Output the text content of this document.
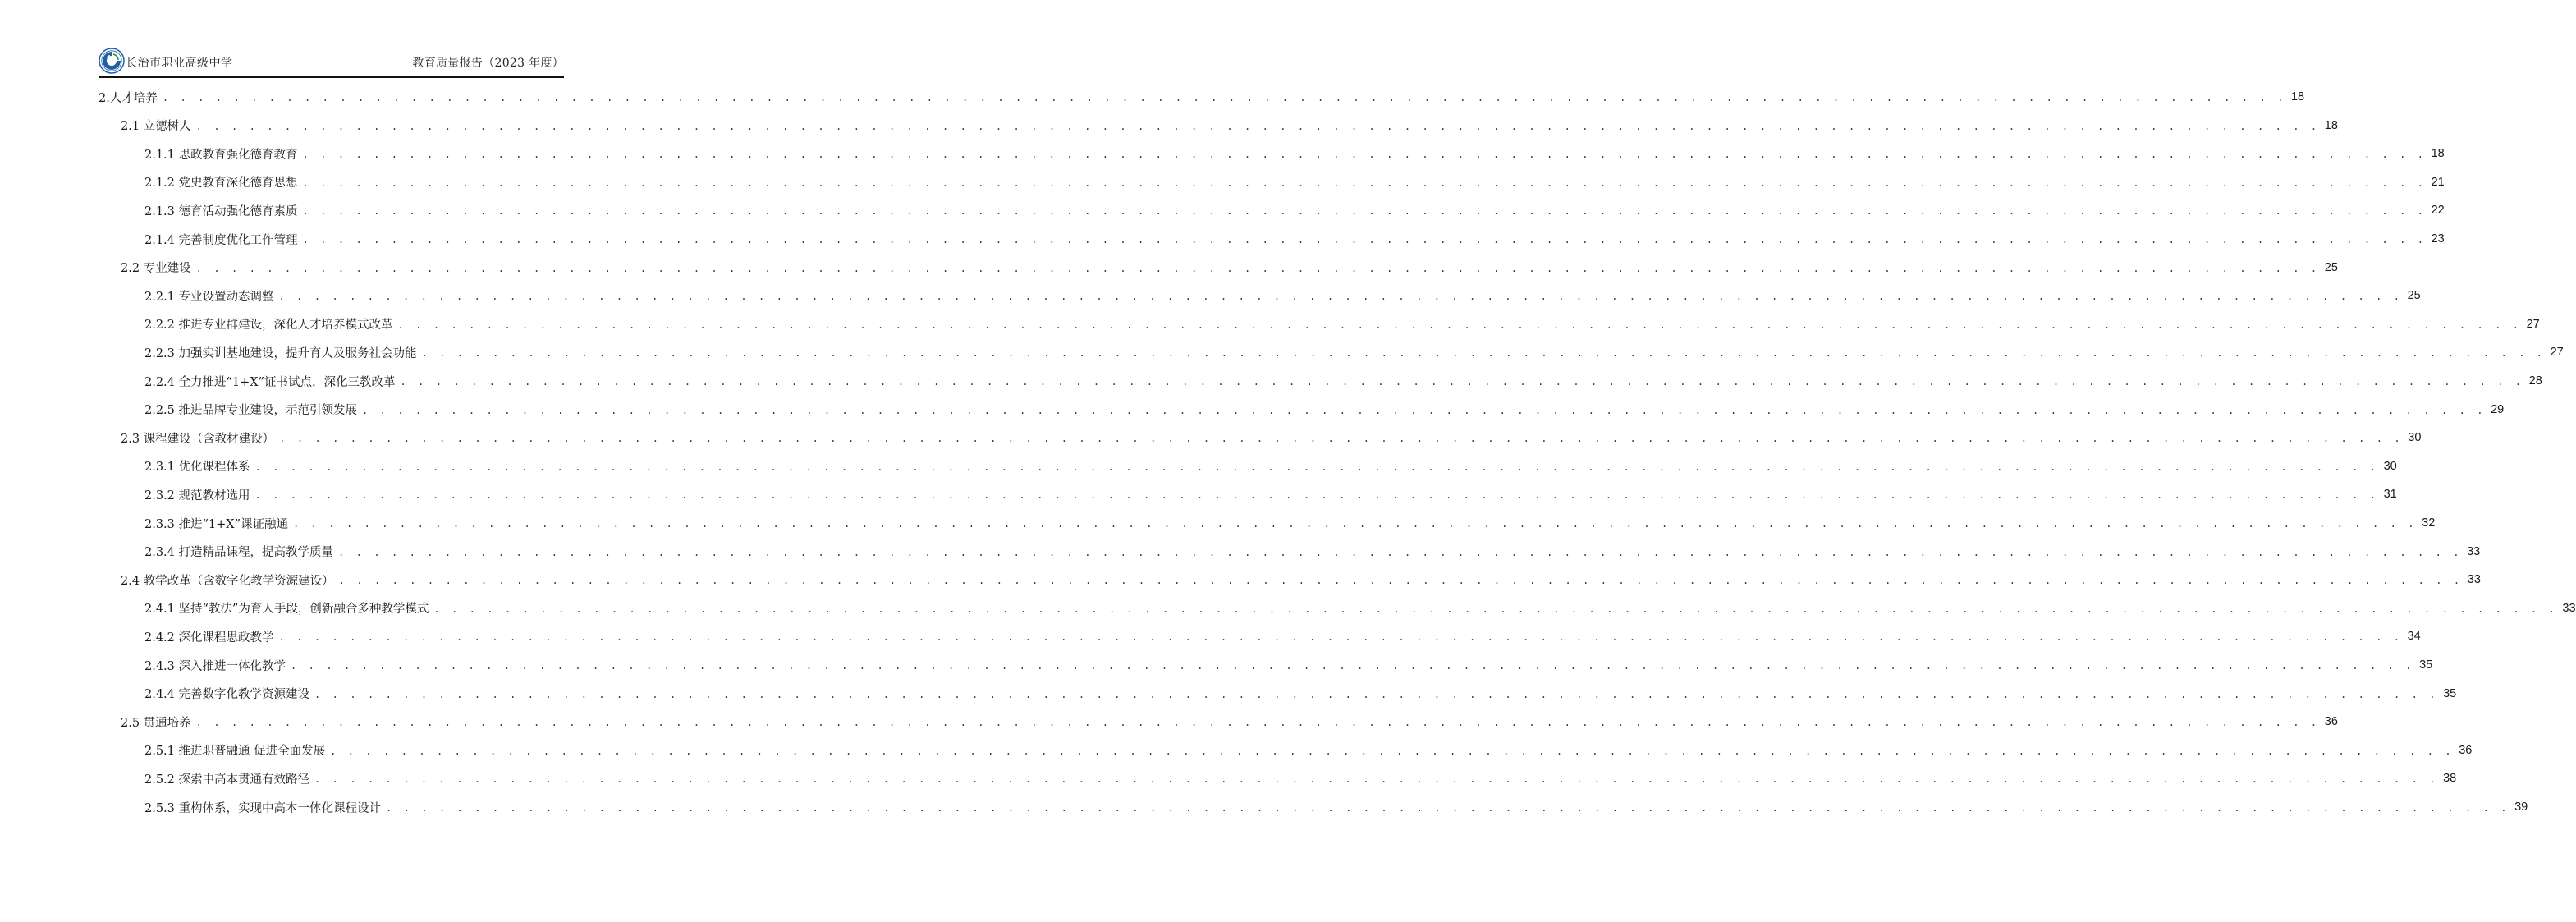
长治市职业高级中学	教育质量报告（2023 年度）
2.人才培养 . . . . . . . . . . . . . . . . . . . . . . . . . . . . . . . . . . . . . . . . . . . . . . . . . . . . . . . . . . . . . . . . . . . . . . . . . . . . . . . . . . . . . . . . . . . . . . . . . . . . . . . . . . . . . . . . . . . . . . . . 18
2.1 立德树人 . . . . . . . . . . . . . . . . . . . . . . . . . . . . . . . . . . . . . . . . . . . . . . . . . . . . . . . . . . . . . . . . . . . . . . . . . . . . . . . . . . . . . . . . . . . . . . . . . . . . . . . . . . . . . . . . . . . . . . . . 18
2.1.1 思政教育强化德育教育 . . . . . . . . . . . . . . . . . . . . . . . . . . . . . . . . . . . . . . . . . . . . . . . . . . . . . . . . . . . . . . . . . . . . . . . . . . . . . . . . . . . . . . . . . . . . . . . . . . . . . . . . . . . . . . . . . . . . . . . . 18
2.1.2 党史教育深化德育思想 . . . . . . . . . . . . . . . . . . . . . . . . . . . . . . . . . . . . . . . . . . . . . . . . . . . . . . . . . . . . . . . . . . . . . . . . . . . . . . . . . . . . . . . . . . . . . . . . . . . . . . . . . . . . . . . . . . . . . . . . 21
2.1.3 德育活动强化德育素质 . . . . . . . . . . . . . . . . . . . . . . . . . . . . . . . . . . . . . . . . . . . . . . . . . . . . . . . . . . . . . . . . . . . . . . . . . . . . . . . . . . . . . . . . . . . . . . . . . . . . . . . . . . . . . . . . . . . . . . . . 22
2.1.4 完善制度优化工作管理 . . . . . . . . . . . . . . . . . . . . . . . . . . . . . . . . . . . . . . . . . . . . . . . . . . . . . . . . . . . . . . . . . . . . . . . . . . . . . . . . . . . . . . . . . . . . . . . . . . . . . . . . . . . . . . . . . . . . . . . . 23
2.2 专业建设 . . . . . . . . . . . . . . . . . . . . . . . . . . . . . . . . . . . . . . . . . . . . . . . . . . . . . . . . . . . . . . . . . . . . . . . . . . . . . . . . . . . . . . . . . . . . . . . . . . . . . . . . . . . . . . . . . . . . . . . . 25
2.2.1 专业设置动态调整 . . . . . . . . . . . . . . . . . . . . . . . . . . . . . . . . . . . . . . . . . . . . . . . . . . . . . . . . . . . . . . . . . . . . . . . . . . . . . . . . . . . . . . . . . . . . . . . . . . . . . . . . . . . . . . . . . . . . . . . . 25
2.2.2 推进专业群建设，深化人才培养模式改革 . . . . . . . . . . . . . . . . . . . . . . . . . . . . . . . . . . . . . . . . . . . . . . . . . . . . . . . . . . . . . . . . . . . . . . . . . . . . . . . . . . . . . . . . . . . . . . . . . . . . . . . . . . . . . . . . . . . . . . . . 27
2.2.3 加强实训基地建设，提升育人及服务社会功能 . . . . . . . . . . . . . . . . . . . . . . . . . . . . . . . . . . . . . . . . . . . . . . . . . . . . . . . . . . . . . . . . . . . . . . . . . . . . . . . . . . . . . . . . . . . . . . . . . . . . . . . . . . . . . . . . . . . . . . . . 27
2.2.4 全力推进“1+X”证书试点，深化三教改革 . . . . . . . . . . . . . . . . . . . . . . . . . . . . . . . . . . . . . . . . . . . . . . . . . . . . . . . . . . . . . . . . . . . . . . . . . . . . . . . . . . . . . . . . . . . . . . . . . . . . . . . . . . . . . . . . . . . . . . . . 28
2.2.5 推进品牌专业建设，示范引领发展 . . . . . . . . . . . . . . . . . . . . . . . . . . . . . . . . . . . . . . . . . . . . . . . . . . . . . . . . . . . . . . . . . . . . . . . . . . . . . . . . . . . . . . . . . . . . . . . . . . . . . . . . . . . . . . . . . . . . . . . . 29
2.3 课程建设（含教材建设） . . . . . . . . . . . . . . . . . . . . . . . . . . . . . . . . . . . . . . . . . . . . . . . . . . . . . . . . . . . . . . . . . . . . . . . . . . . . . . . . . . . . . . . . . . . . . . . . . . . . . . . . . . . . . . . . . . . . . . . . 30
2.3.1 优化课程体系 . . . . . . . . . . . . . . . . . . . . . . . . . . . . . . . . . . . . . . . . . . . . . . . . . . . . . . . . . . . . . . . . . . . . . . . . . . . . . . . . . . . . . . . . . . . . . . . . . . . . . . . . . . . . . . . . . . . . . . . . 30
2.3.2 规范教材选用 . . . . . . . . . . . . . . . . . . . . . . . . . . . . . . . . . . . . . . . . . . . . . . . . . . . . . . . . . . . . . . . . . . . . . . . . . . . . . . . . . . . . . . . . . . . . . . . . . . . . . . . . . . . . . . . . . . . . . . . . 31
2.3.3 推进“1+X”课证融通 . . . . . . . . . . . . . . . . . . . . . . . . . . . . . . . . . . . . . . . . . . . . . . . . . . . . . . . . . . . . . . . . . . . . . . . . . . . . . . . . . . . . . . . . . . . . . . . . . . . . . . . . . . . . . . . . . . . . . . . . 32
2.3.4 打造精品课程，提高教学质量 . . . . . . . . . . . . . . . . . . . . . . . . . . . . . . . . . . . . . . . . . . . . . . . . . . . . . . . . . . . . . . . . . . . . . . . . . . . . . . . . . . . . . . . . . . . . . . . . . . . . . . . . . . . . . . . . . . . . . . . . 33
2.4 教学改革（含数字化教学资源建设） . . . . . . . . . . . . . . . . . . . . . . . . . . . . . . . . . . . . . . . . . . . . . . . . . . . . . . . . . . . . . . . . . . . . . . . . . . . . . . . . . . . . . . . . . . . . . . . . . . . . . . . . . . . . . . . . . . . . . . . . 33
2.4.1 坚持“教法”为育人手段，创新融合多种教学模式 . . . . . . . . . . . . . . . . . . . . . . . . . . . . . . . . . . . . . . . . . . . . . . . . . . . . . . . . . . . . . . . . . . . . . . . . . . . . . . . . . . . . . . . . . . . . . . . . . . . . . . . . . . . . . . . . . . . . . . . . 33
2.4.2 深化课程思政教学 . . . . . . . . . . . . . . . . . . . . . . . . . . . . . . . . . . . . . . . . . . . . . . . . . . . . . . . . . . . . . . . . . . . . . . . . . . . . . . . . . . . . . . . . . . . . . . . . . . . . . . . . . . . . . . . . . . . . . . . . 34
2.4.3 深入推进一体化教学 . . . . . . . . . . . . . . . . . . . . . . . . . . . . . . . . . . . . . . . . . . . . . . . . . . . . . . . . . . . . . . . . . . . . . . . . . . . . . . . . . . . . . . . . . . . . . . . . . . . . . . . . . . . . . . . . . . . . . . . . 35
2.4.4 完善数字化教学资源建设 . . . . . . . . . . . . . . . . . . . . . . . . . . . . . . . . . . . . . . . . . . . . . . . . . . . . . . . . . . . . . . . . . . . . . . . . . . . . . . . . . . . . . . . . . . . . . . . . . . . . . . . . . . . . . . . . . . . . . . . . 35
2.5 贯通培养 . . . . . . . . . . . . . . . . . . . . . . . . . . . . . . . . . . . . . . . . . . . . . . . . . . . . . . . . . . . . . . . . . . . . . . . . . . . . . . . . . . . . . . . . . . . . . . . . . . . . . . . . . . . . . . . . . . . . . . . . 36
2.5.1 推进职普融通 促进全面发展 . . . . . . . . . . . . . . . . . . . . . . . . . . . . . . . . . . . . . . . . . . . . . . . . . . . . . . . . . . . . . . . . . . . . . . . . . . . . . . . . . . . . . . . . . . . . . . . . . . . . . . . . . . . . . . . . . . . . . . . . 36
2.5.2 探索中高本贯通有效路径 . . . . . . . . . . . . . . . . . . . . . . . . . . . . . . . . . . . . . . . . . . . . . . . . . . . . . . . . . . . . . . . . . . . . . . . . . . . . . . . . . . . . . . . . . . . . . . . . . . . . . . . . . . . . . . . . . . . . . . . . 38
2.5.3 重构体系，实现中高本一体化课程设计 . . . . . . . . . . . . . . . . . . . . . . . . . . . . . . . . . . . . . . . . . . . . . . . . . . . . . . . . . . . . . . . . . . . . . . . . . . . . . . . . . . . . . . . . . . . . . . . . . . . . . . . . . . . . . . . . . . . . . . . . 39
